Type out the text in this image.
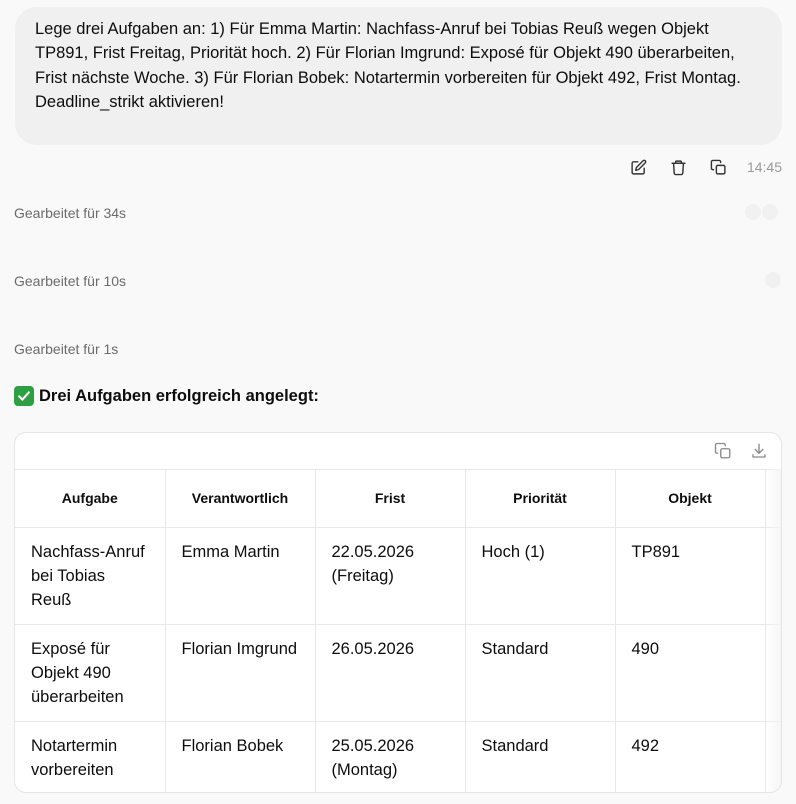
Lege drei Aufgaben an: 1) Für Emma Martin: Nachfass-Anruf bei Tobias Reuß wegen Objekt TP891, Frist Freitag, Priorität hoch. 2) Für Florian Imgrund: Exposé für Objekt 490 überarbeiten, Frist nächste Woche. 3) Für Florian Bobek: Notartermin vorbereiten für Objekt 492, Frist Montag.

Deadline_strikt aktivieren!

14:45
Gearbeitet für 34s
Gearbeitet für 10s
Gearbeitet für 1s
Drei Aufgaben erfolgreich angelegt:
Aufgabe	Verantwortlich	Frist	Priorität	Objekt	
Nachfass-Anruf bei Tobias Reuß	Emma Martin	22.05.2026 (Freitag)	Hoch (1)	TP891	
Exposé für Objekt 490 überarbeiten	Florian Imgrund	26.05.2026	Standard	490	
Notartermin vorbereiten	Florian Bobek	25.05.2026 (Montag)	Standard	492	
